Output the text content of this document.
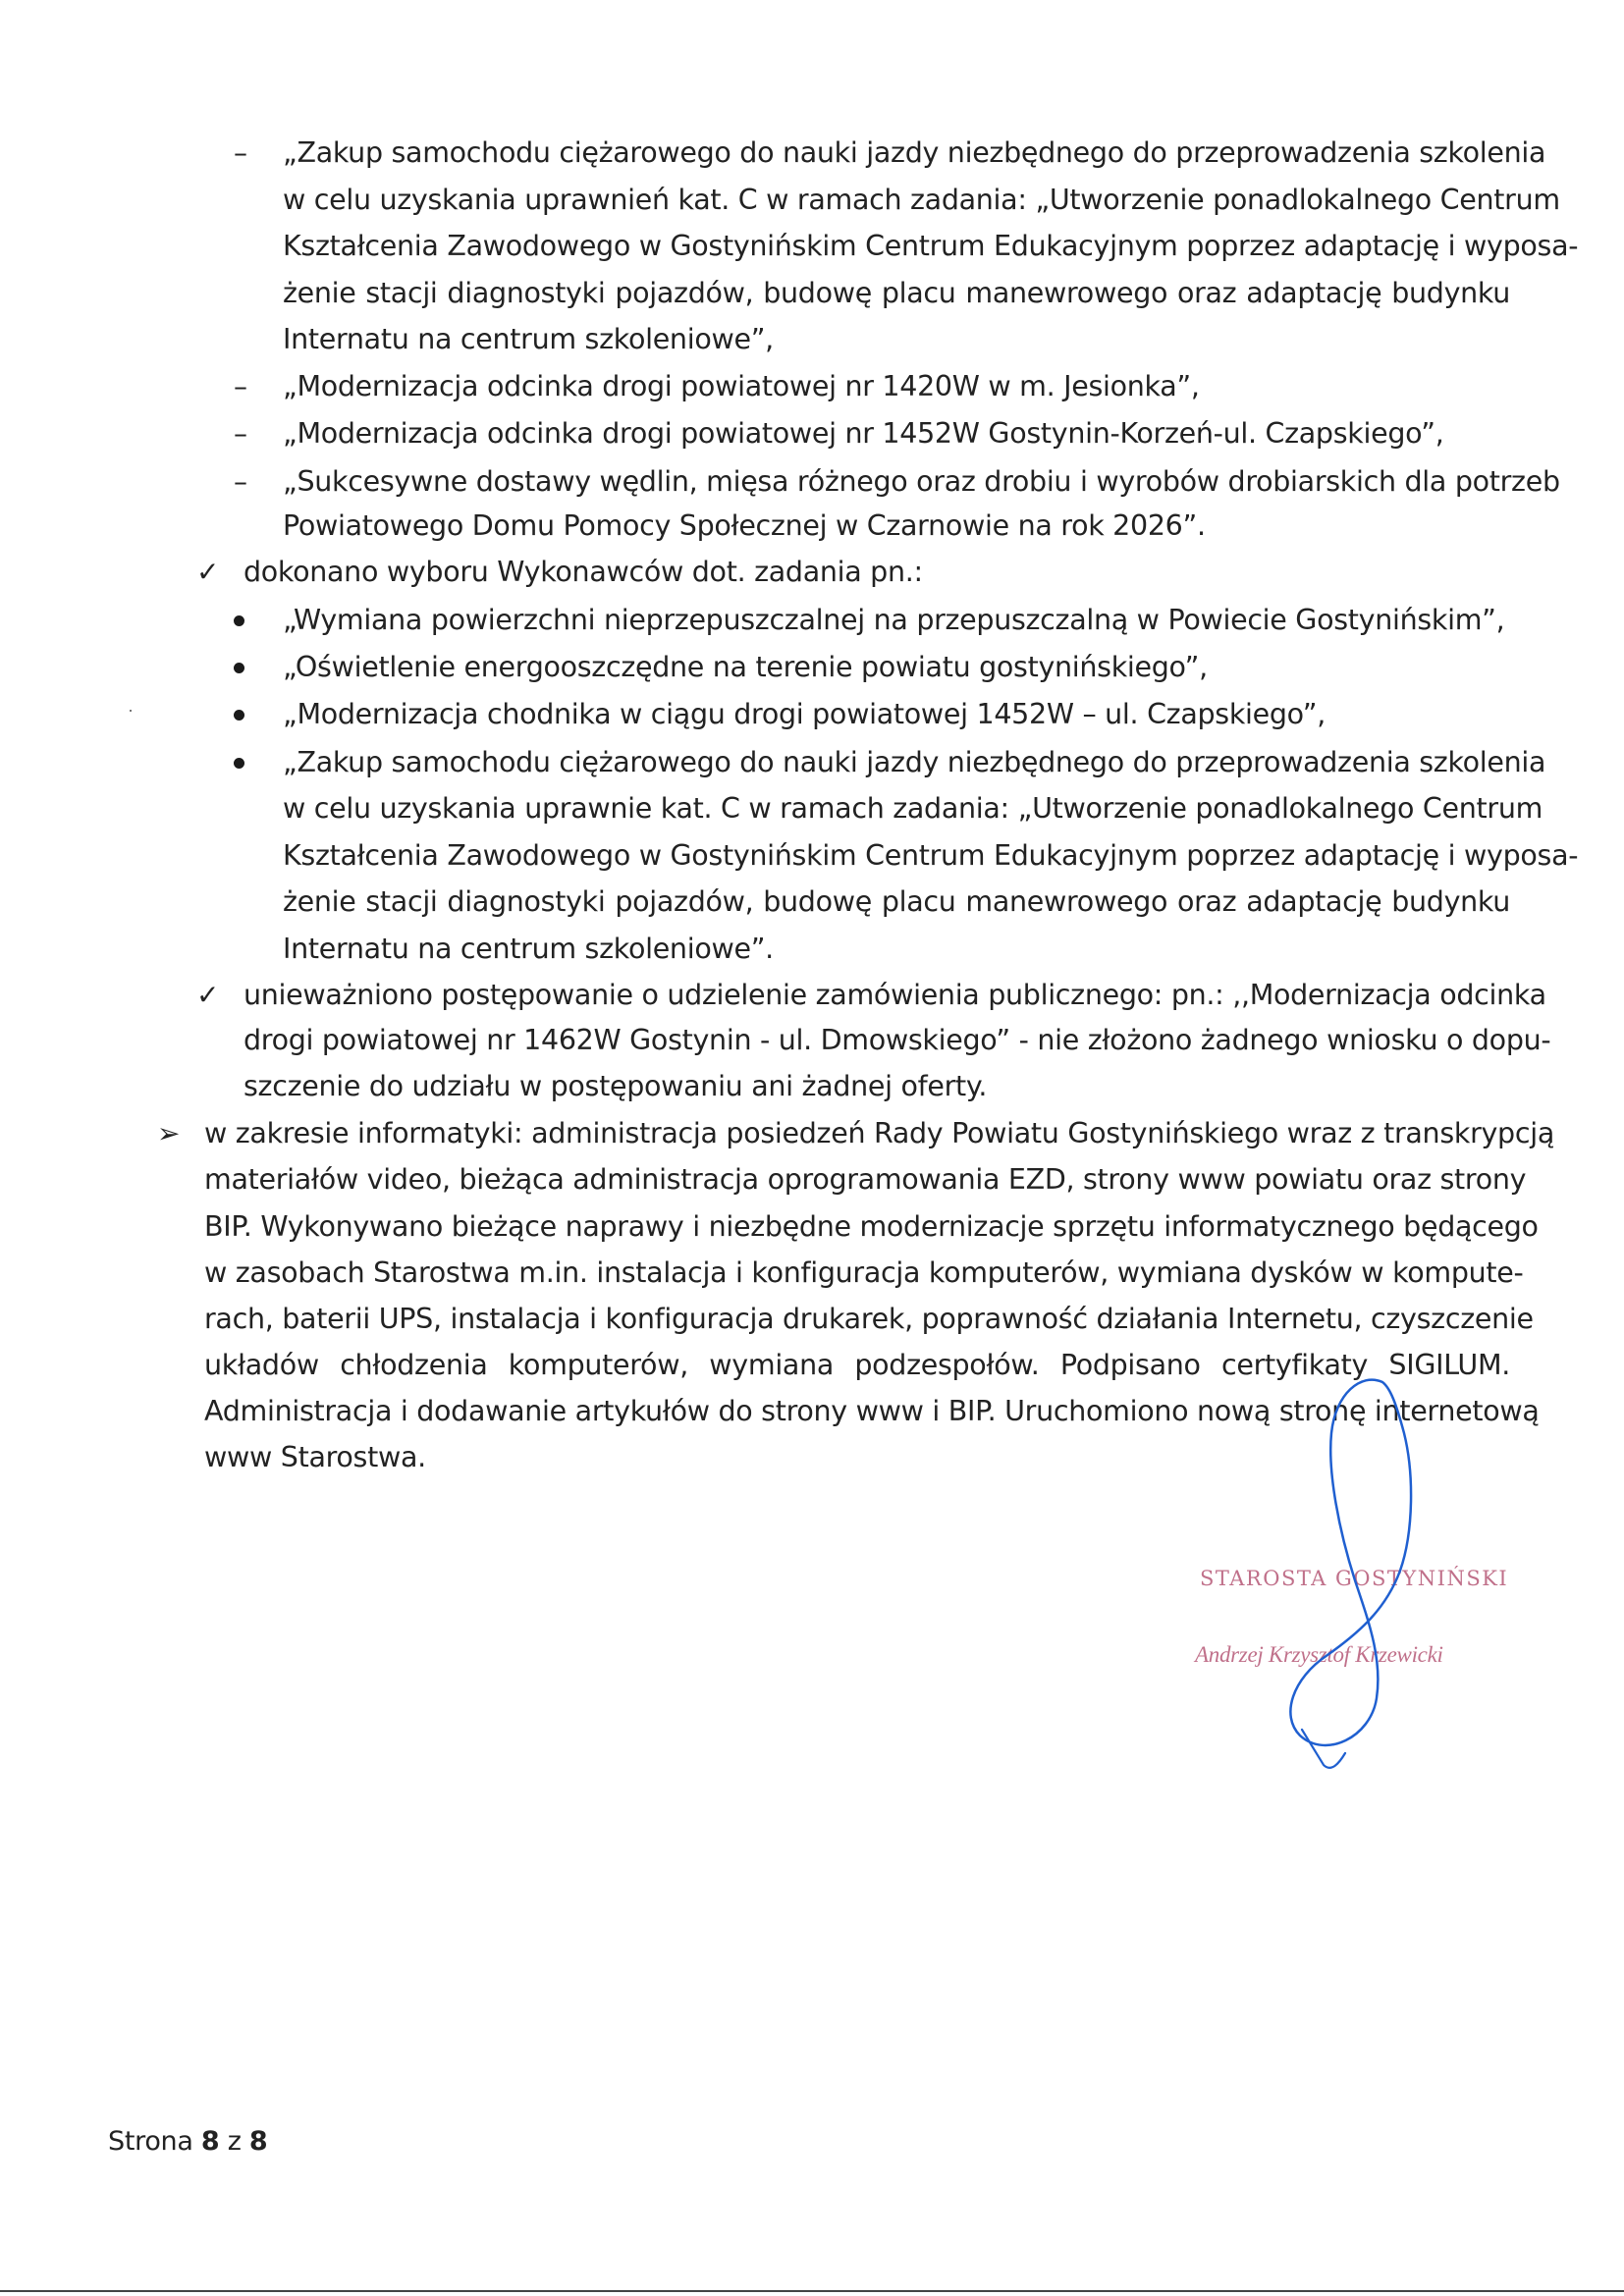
– „Zakup samochodu ciężarowego do nauki jazdy niezbędnego do przeprowadzenia szkolenia
w celu uzyskania uprawnień kat. C w ramach zadania: „Utworzenie ponadlokalnego Centrum
Kształcenia Zawodowego w Gostynińskim Centrum Edukacyjnym poprzez adaptację i wyposa-
żenie stacji diagnostyki pojazdów, budowę placu manewrowego oraz adaptację budynku
Internatu na centrum szkoleniowe”,
– „Modernizacja odcinka drogi powiatowej nr 1420W w m. Jesionka”,
– „Modernizacja odcinka drogi powiatowej nr 1452W Gostynin-Korzeń-ul. Czapskiego”,
– „Sukcesywne dostawy wędlin, mięsa różnego oraz drobiu i wyrobów drobiarskich dla potrzeb
Powiatowego Domu Pomocy Społecznej w Czarnowie na rok 2026”.
✓ dokonano wyboru Wykonawców dot. zadania pn.:
„Wymiana powierzchni nieprzepuszczalnej na przepuszczalną w Powiecie Gostynińskim”,
„Oświetlenie energooszczędne na terenie powiatu gostynińskiego”,
„Modernizacja chodnika w ciągu drogi powiatowej 1452W – ul. Czapskiego”,
„Zakup samochodu ciężarowego do nauki jazdy niezbędnego do przeprowadzenia szkolenia
w celu uzyskania uprawnie kat. C w ramach zadania: „Utworzenie ponadlokalnego Centrum
Kształcenia Zawodowego w Gostynińskim Centrum Edukacyjnym poprzez adaptację i wyposa-
żenie stacji diagnostyki pojazdów, budowę placu manewrowego oraz adaptację budynku
Internatu na centrum szkoleniowe”.
✓ unieważniono postępowanie o udzielenie zamówienia publicznego: pn.: ,,Modernizacja odcinka
drogi powiatowej nr 1462W Gostynin - ul. Dmowskiego” - nie złożono żadnego wniosku o dopu-
szczenie do udziału w postępowaniu ani żadnej oferty.
➢ w zakresie informatyki: administracja posiedzeń Rady Powiatu Gostynińskiego wraz z transkrypcją
materiałów video, bieżąca administracja oprogramowania EZD, strony www powiatu oraz strony
BIP. Wykonywano bieżące naprawy i niezbędne modernizacje sprzętu informatycznego będącego
w zasobach Starostwa m.in. instalacja i konfiguracja komputerów, wymiana dysków w kompute-
rach, baterii UPS, instalacja i konfiguracja drukarek, poprawność działania Internetu, czyszczenie
układów chłodzenia komputerów, wymiana podzespołów. Podpisano certyfikaty SIGILUM.
Administracja i dodawanie artykułów do strony www i BIP. Uruchomiono nową stronę internetową
www Starostwa.
STAROSTA GOSTYNIŃSKI
Andrzej Krzysztof Krzewicki
Strona 8 z 8
